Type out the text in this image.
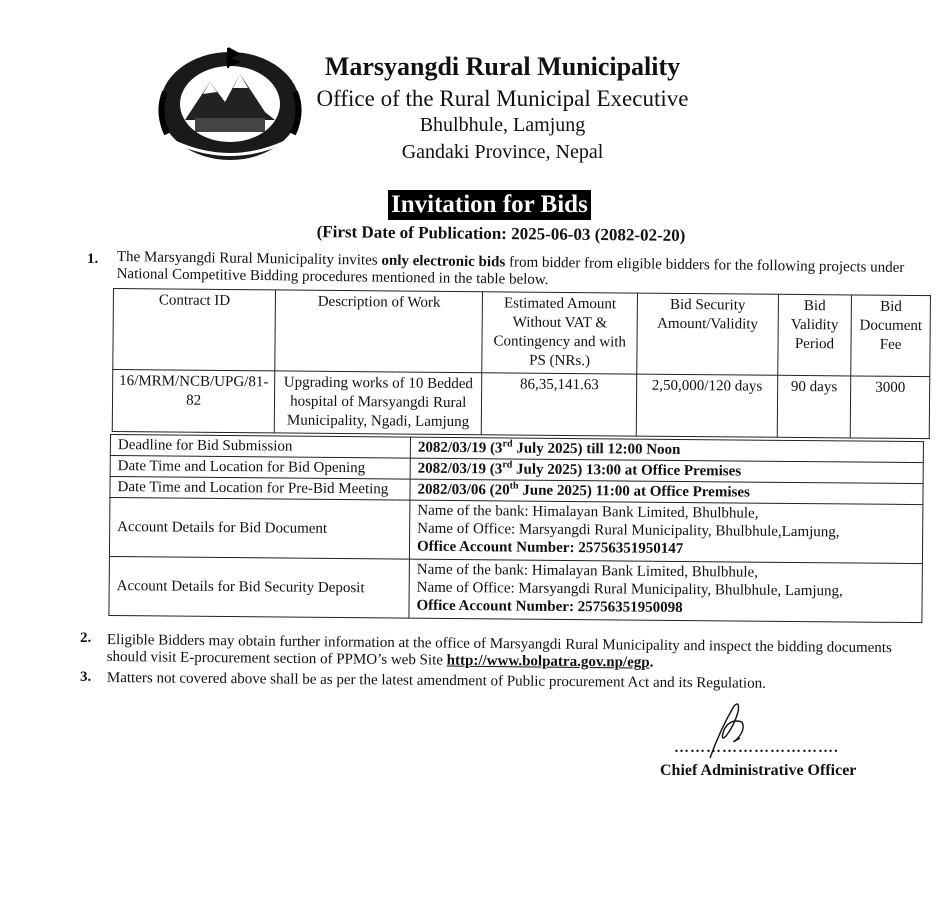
Marsyangdi Rural Municipality
Office of the Rural Municipal Executive
Bhulbhule, Lamjung
Gandaki Province, Nepal
Invitation for Bids
(First Date of Publication: 2025-06-03 (2082-02-20)
1. The Marsyangdi Rural Municipality invites only electronic bids from bidder from eligible bidders for the following projects under National Competitive Bidding procedures mentioned in the table below.
Contract ID	Description of Work	Estimated Amount Without VAT & Contingency and with PS (NRs.)	Bid Security Amount/Validity	Bid Validity Period	Bid Document Fee
16/MRM/NCB/UPG/81-82	Upgrading works of 10 Bedded hospital of Marsyangdi Rural Municipality, Ngadi, Lamjung	86,35,141.63	2,50,000/120 days	90 days	3000
Deadline for Bid Submission	2082/03/19 (3rd July 2025) till 12:00 Noon
Date Time and Location for Bid Opening	2082/03/19 (3rd July 2025) 13:00 at Office Premises
Date Time and Location for Pre-Bid Meeting	2082/03/06 (20th June 2025) 11:00 at Office Premises
Account Details for Bid Document	Name of the bank: Himalayan Bank Limited, Bhulbhule,
Name of Office: Marsyangdi Rural Municipality, Bhulbhule,Lamjung,
Office Account Number: 25756351950147

Account Details for Bid Security Deposit	Name of the bank: Himalayan Bank Limited, Bhulbhule,
Name of Office: Marsyangdi Rural Municipality, Bhulbhule, Lamjung,
Office Account Number: 25756351950098
2. Eligible Bidders may obtain further information at the office of Marsyangdi Rural Municipality and inspect the bidding documents should visit E-procurement section of PPMO’s web Site http://www.bolpatra.gov.np/egp.
3. Matters not covered above shall be as per the latest amendment of Public procurement Act and its Regulation.
………………………….
Chief Administrative Officer
